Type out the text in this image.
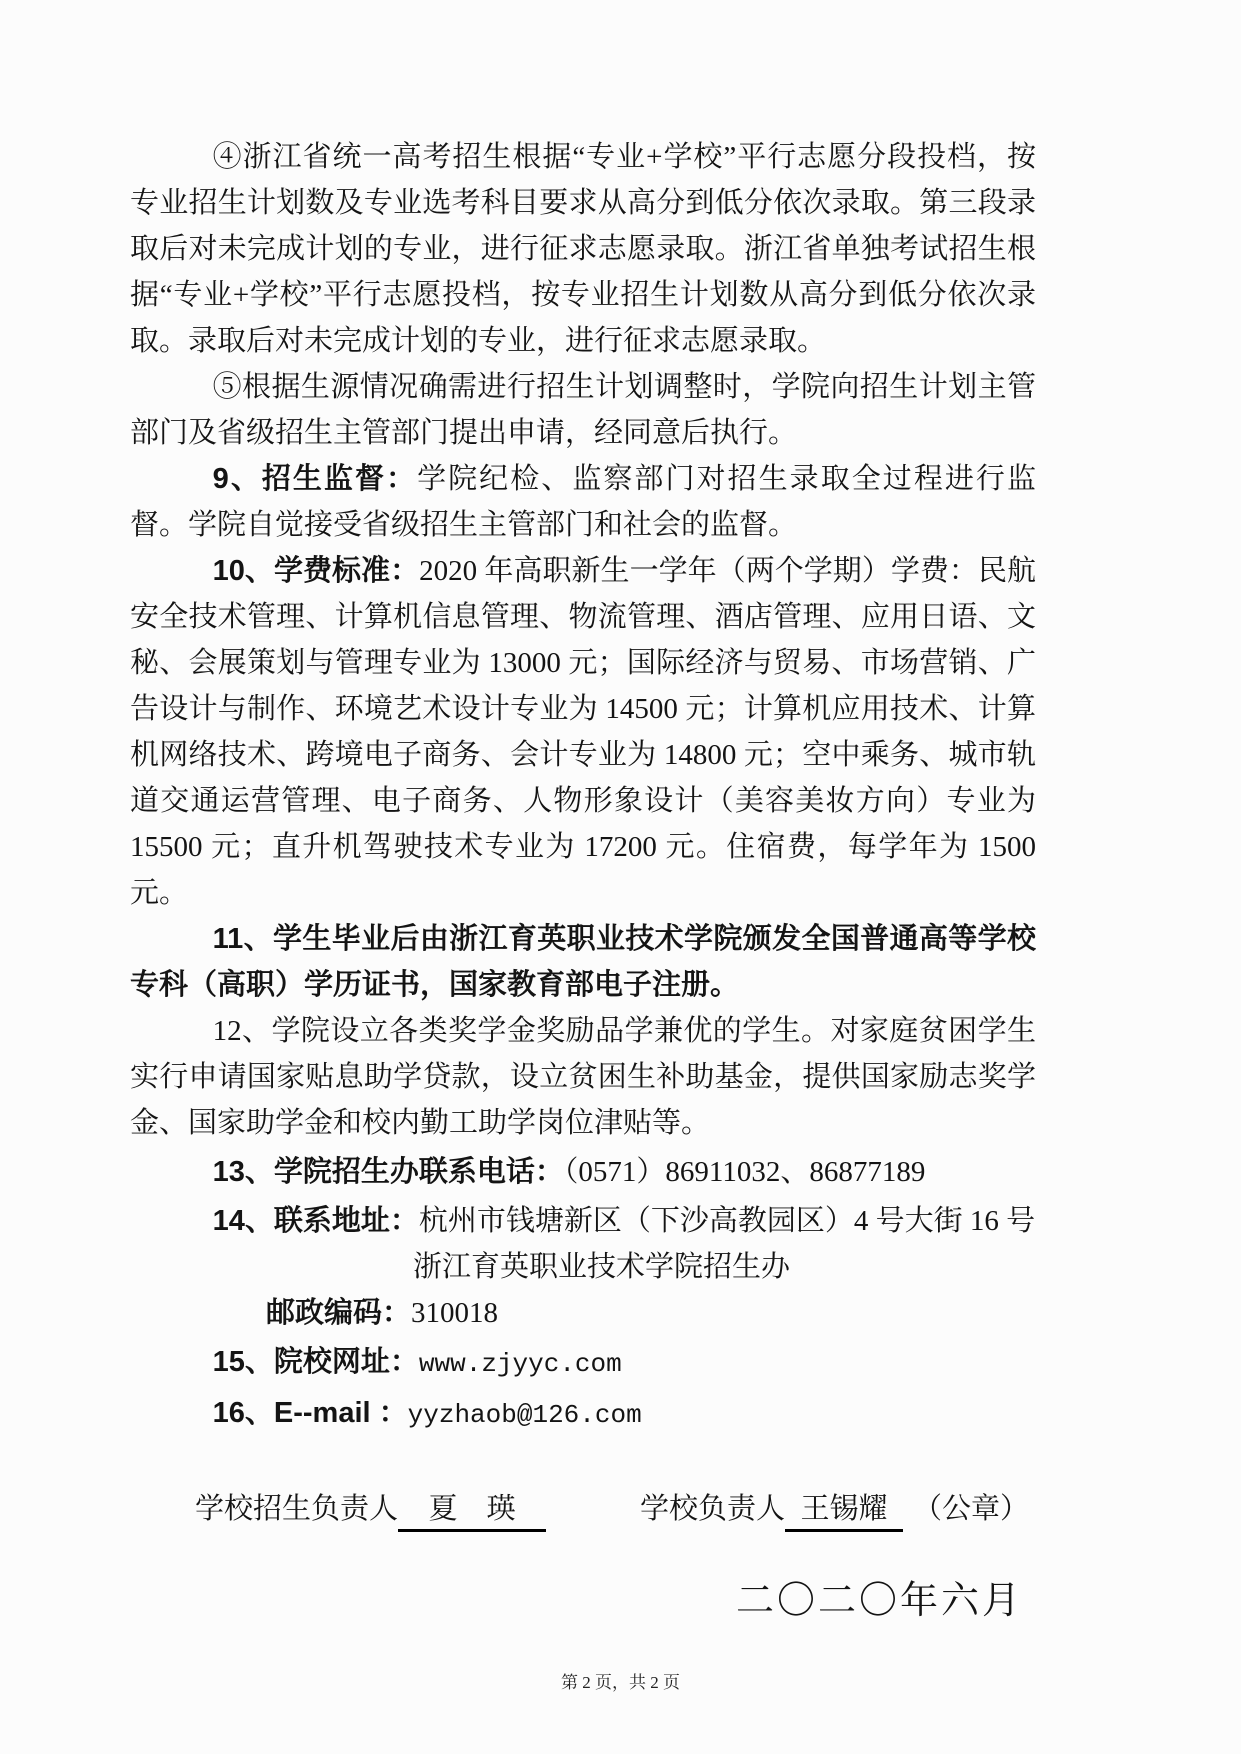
④浙江省统一高考招生根据“专业+学校”平行志愿分段投档，按专业招生计划数及专业选考科目要求从高分到低分依次录取。第三段录取后对未完成计划的专业，进行征求志愿录取。浙江省单独考试招生根据“专业+学校”平行志愿投档，按专业招生计划数从高分到低分依次录取。录取后对未完成计划的专业，进行征求志愿录取。

⑤根据生源情况确需进行招生计划调整时，学院向招生计划主管部门及省级招生主管部门提出申请，经同意后执行。

9、招生监督：学院纪检、监察部门对招生录取全过程进行监督。学院自觉接受省级招生主管部门和社会的监督。

10、学费标准：2020 年高职新生一学年（两个学期）学费：民航安全技术管理、计算机信息管理、物流管理、酒店管理、应用日语、文秘、会展策划与管理专业为 13000 元；国际经济与贸易、市场营销、广告设计与制作、环境艺术设计专业为 14500 元；计算机应用技术、计算机网络技术、跨境电子商务、会计专业为 14800 元；空中乘务、城市轨道交通运营管理、电子商务、人物形象设计（美容美妆方向）专业为 15500 元；直升机驾驶技术专业为 17200 元。住宿费，每学年为 1500 元。

11、学生毕业后由浙江育英职业技术学院颁发全国普通高等学校专科（高职）学历证书，国家教育部电子注册。

12、学院设立各类奖学金奖励品学兼优的学生。对家庭贫困学生实行申请国家贴息助学贷款，设立贫困生补助基金，提供国家励志奖学金、国家助学金和校内勤工助学岗位津贴等。

13、学院招生办联系电话：（0571）86911032、86877189

14、联系地址：杭州市钱塘新区（下沙高教园区）4 号大街 16 号

浙江育英职业技术学院招生办

邮政编码：310018

15、院校网址：www.zjyyc.com

16、E--mail ：yyzhaob@126.com

学校招生负责人 夏　瑛	学校负责人 王锡耀 （公章）
二〇二〇年六月
第 2 页，共 2 页
